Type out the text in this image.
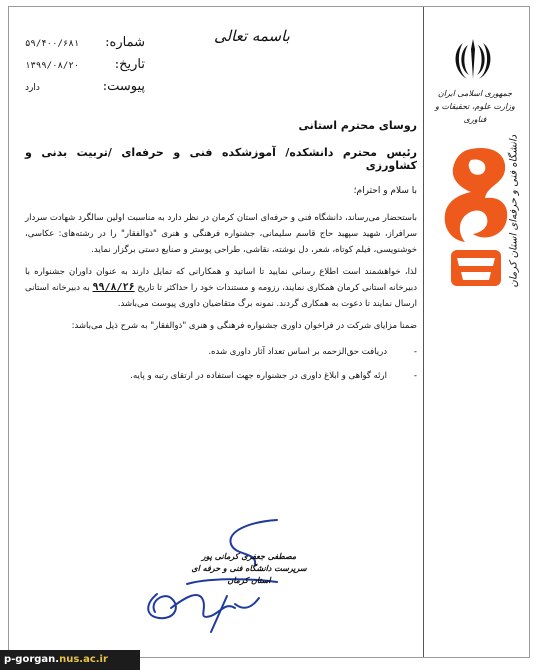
شماره:
۵۹/۴۰۰/۶۸۱
تاریخ:
۱۳۹۹/۰۸/۲۰
پیوست:
دارد
باسمه تعالی
جمهوری اسلامی ایران
وزارت علوم، تحقیقات و فناوری
دانشگاه فنی و حرفه‌ای استان کرمان

روسای محترم استانی

رئیس محترم دانشکده/ آموزشکده فنی و حرفه‌ای /تربیت بدنی و کشاورزی

با سلام و احترام؛

باستحضار می‌رساند، دانشگاه فنی و حرفه‌ای استان کرمان در نظر دارد به مناسبت اولین سالگرد شهادت سردار سرافراز، شهید سپهبد حاج قاسم سلیمانی، جشنواره فرهنگی و هنری "ذوالفقار" را در رشته‌های: عکاسی، خوشنویسی، فیلم کوتاه، شعر، دل نوشته، نقاشی، طراحی پوستر و صنایع دستی برگزار نماید.

لذا، خواهشمند است اطلاع رسانی نمایید تا اساتید و همکارانی که تمایل دارند به عنوان داوران جشنواره با دبیرخانه استانی کرمان همکاری نمایند، رزومه و مستندات خود را حداکثر تا تاریخ ۹۹/۸/۲۶ به دبیرخانه استانی ارسال نمایند تا دعوت به همکاری گردند. نمونه برگ متقاضیان داوری پیوست می‌باشد.

ضمنا مزایای شرکت در فراخوان داوری جشنواره فرهنگی و هنری "ذوالفقار" به شرح ذیل می‌باشد:

-دریافت حق‌الزحمه بر اساس تعداد آثار داوری شده.
-ارئه گواهی و ابلاغ داوری در جشنواره جهت استفاده در ارتقای رتبه و پایه.
مصطفی جعفری کرمانی پور
سرپرست دانشگاه فنی و حرفه ای
استان کرمان
p-gorgan.nus.ac.ir
